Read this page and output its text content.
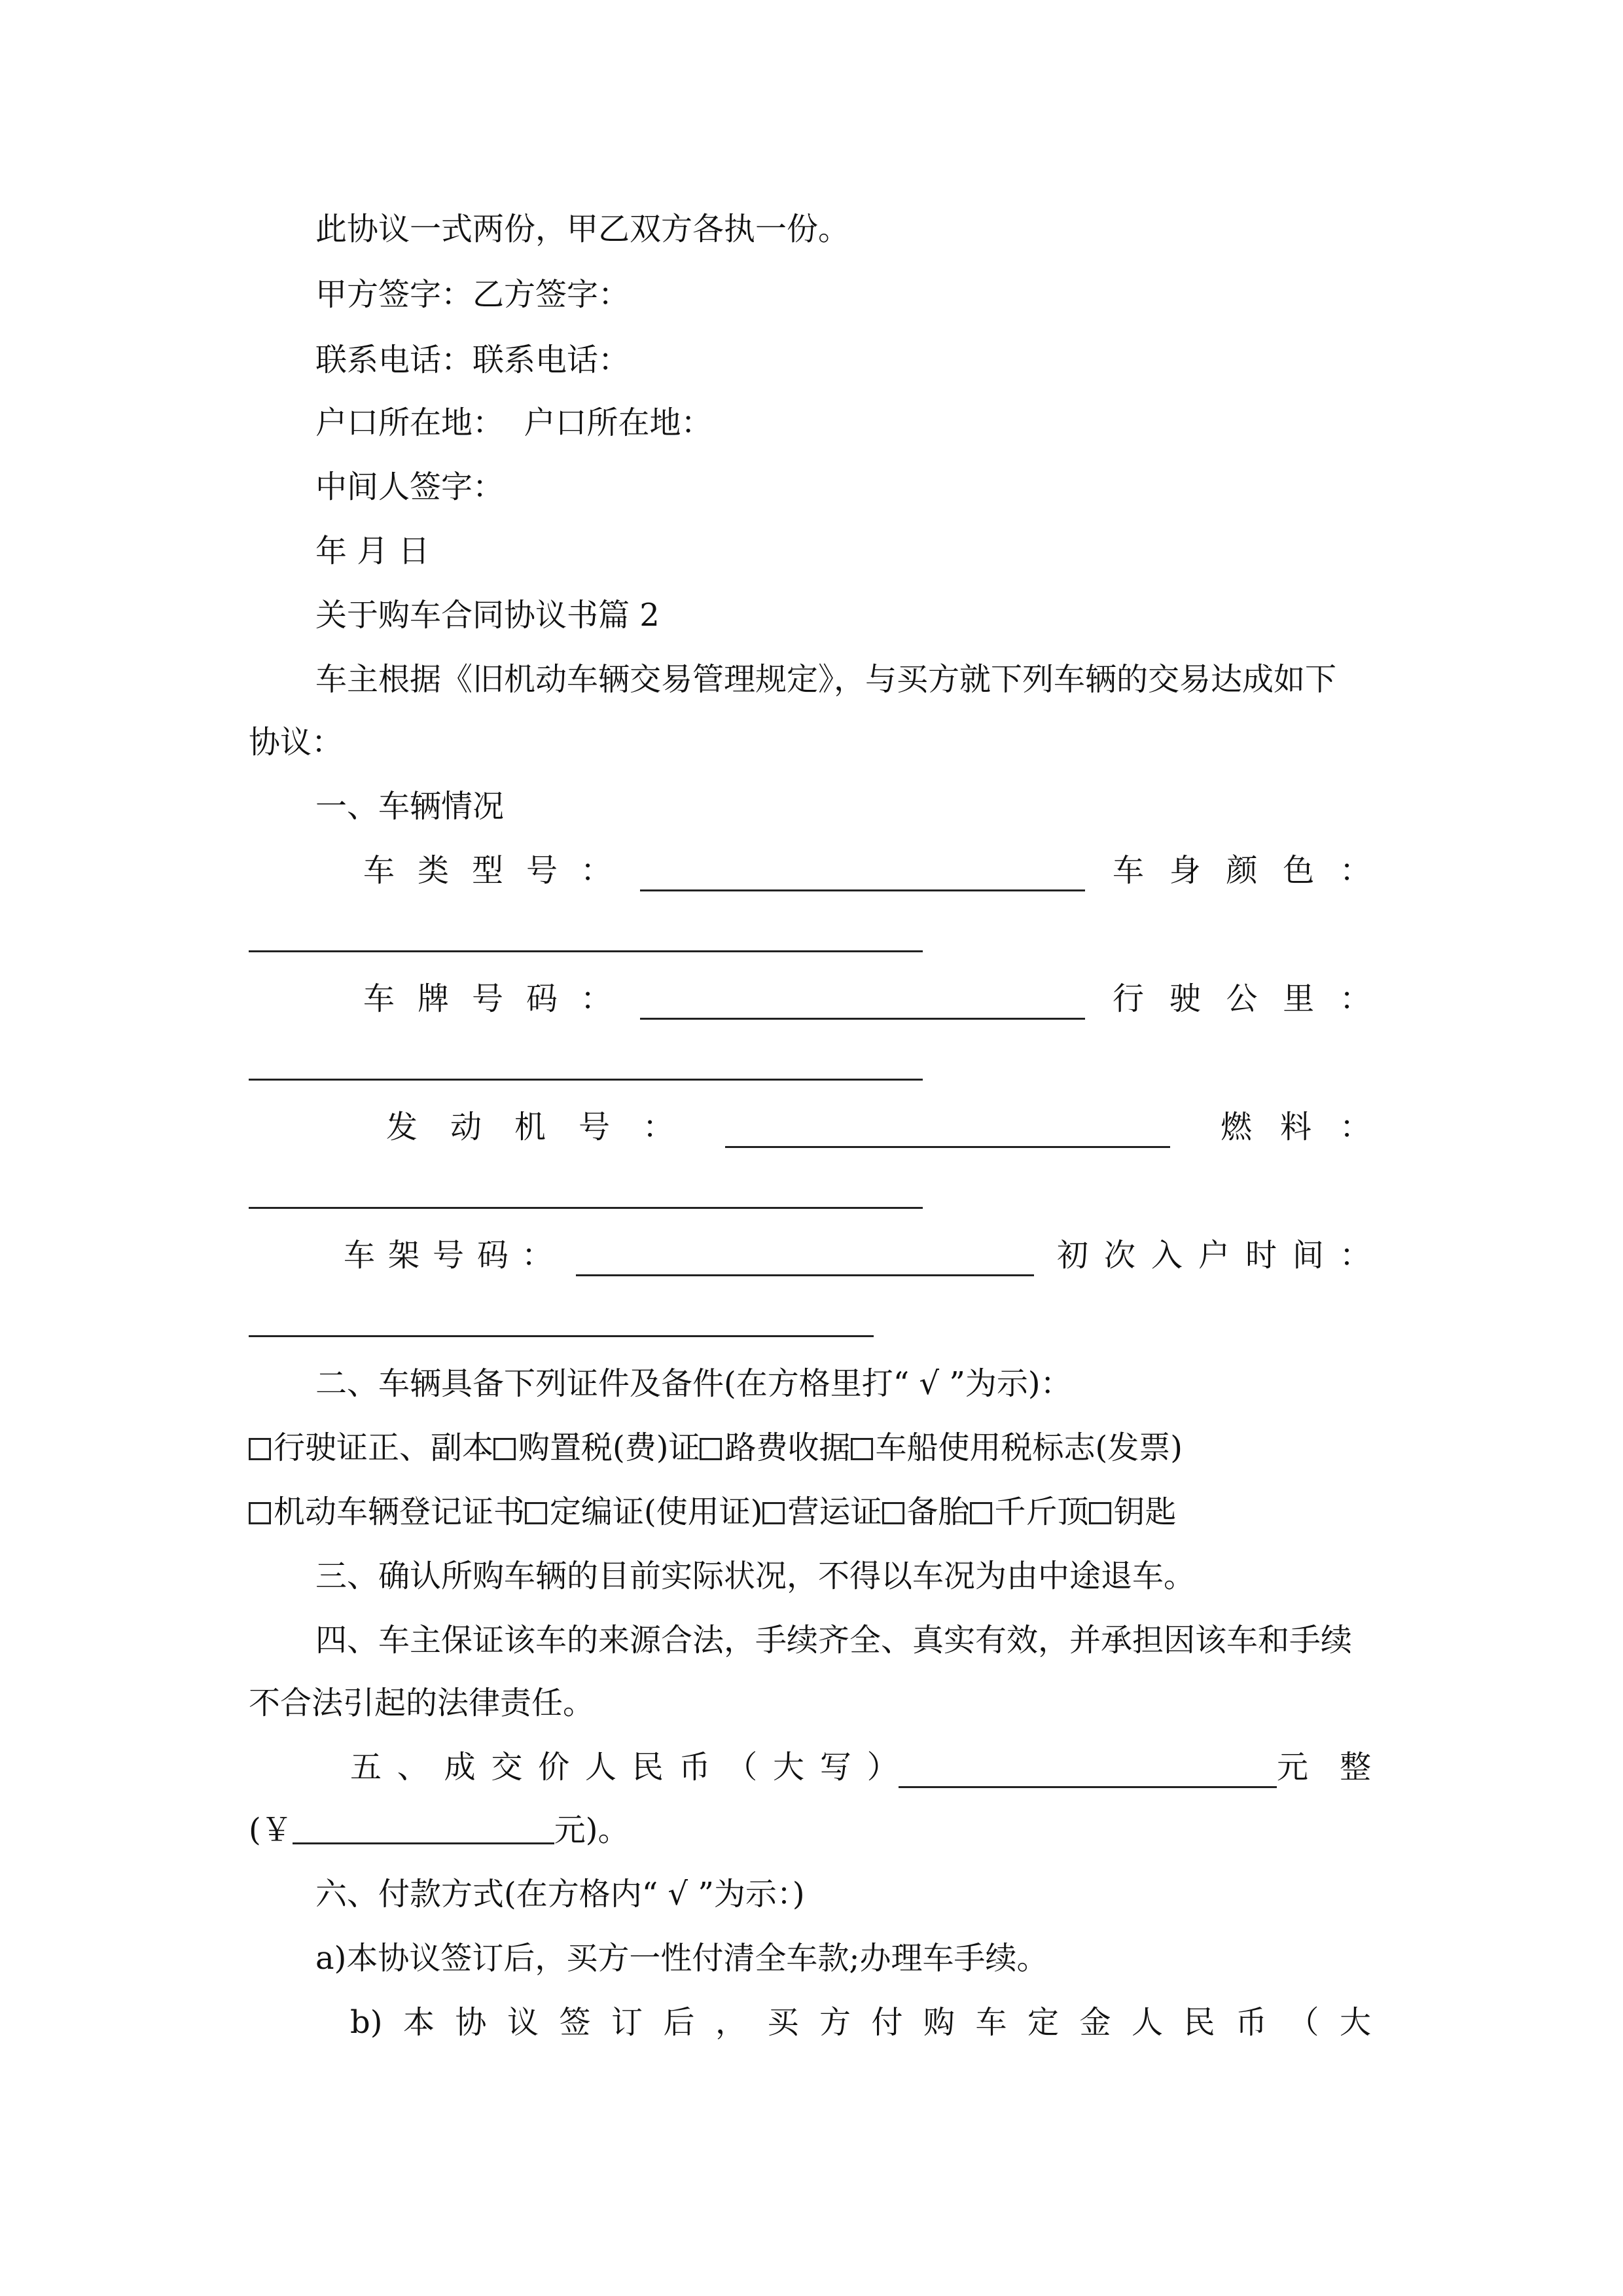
此协议一式两份，甲乙双方各执一份。
甲方签字：乙方签字：
联系电话：联系电话：
户口所在地：  户口所在地：
中间人签字：
年 月 日
关于购车合同协议书篇 2
车主根据《旧机动车辆交易管理规定》，与买方就下列车辆的交易达成如下
协议：
一、车辆情况
车 类 型 号 ：	车 身 颜 色 ：
车 牌 号 码 ：	行 驶 公 里 ：
发 动 机 号 ：	燃 料 ：
车 架 号 码 ：	初 次 入 户 时 间 ：
二、车辆具备下列证件及备件(在方格里打“ √ ”为示)：
行驶证正、副本 购置税(费)证 路费收据 车船使用税标志(发票)
机动车辆登记证书 定编证(使用证) 营运证 备胎 千斤顶 钥匙
三、确认所购车辆的目前实际状况，不得以车况为由中途退车。
四、车主保证该车的来源合法，手续齐全、真实有效，并承担因该车和手续
不合法引起的法律责任。
五 、 成 交 价 人 民 币 （ 大 写 ）	元整
(￥	元)。
六、付款方式(在方格内“ √ ”为示：)
a)本协议签订后，买方一性付清全车款;办理车手续。
b) 本 协 议 签 订 后 ， 买 方 付 购 车 定 金 人 民 币 （ 大
